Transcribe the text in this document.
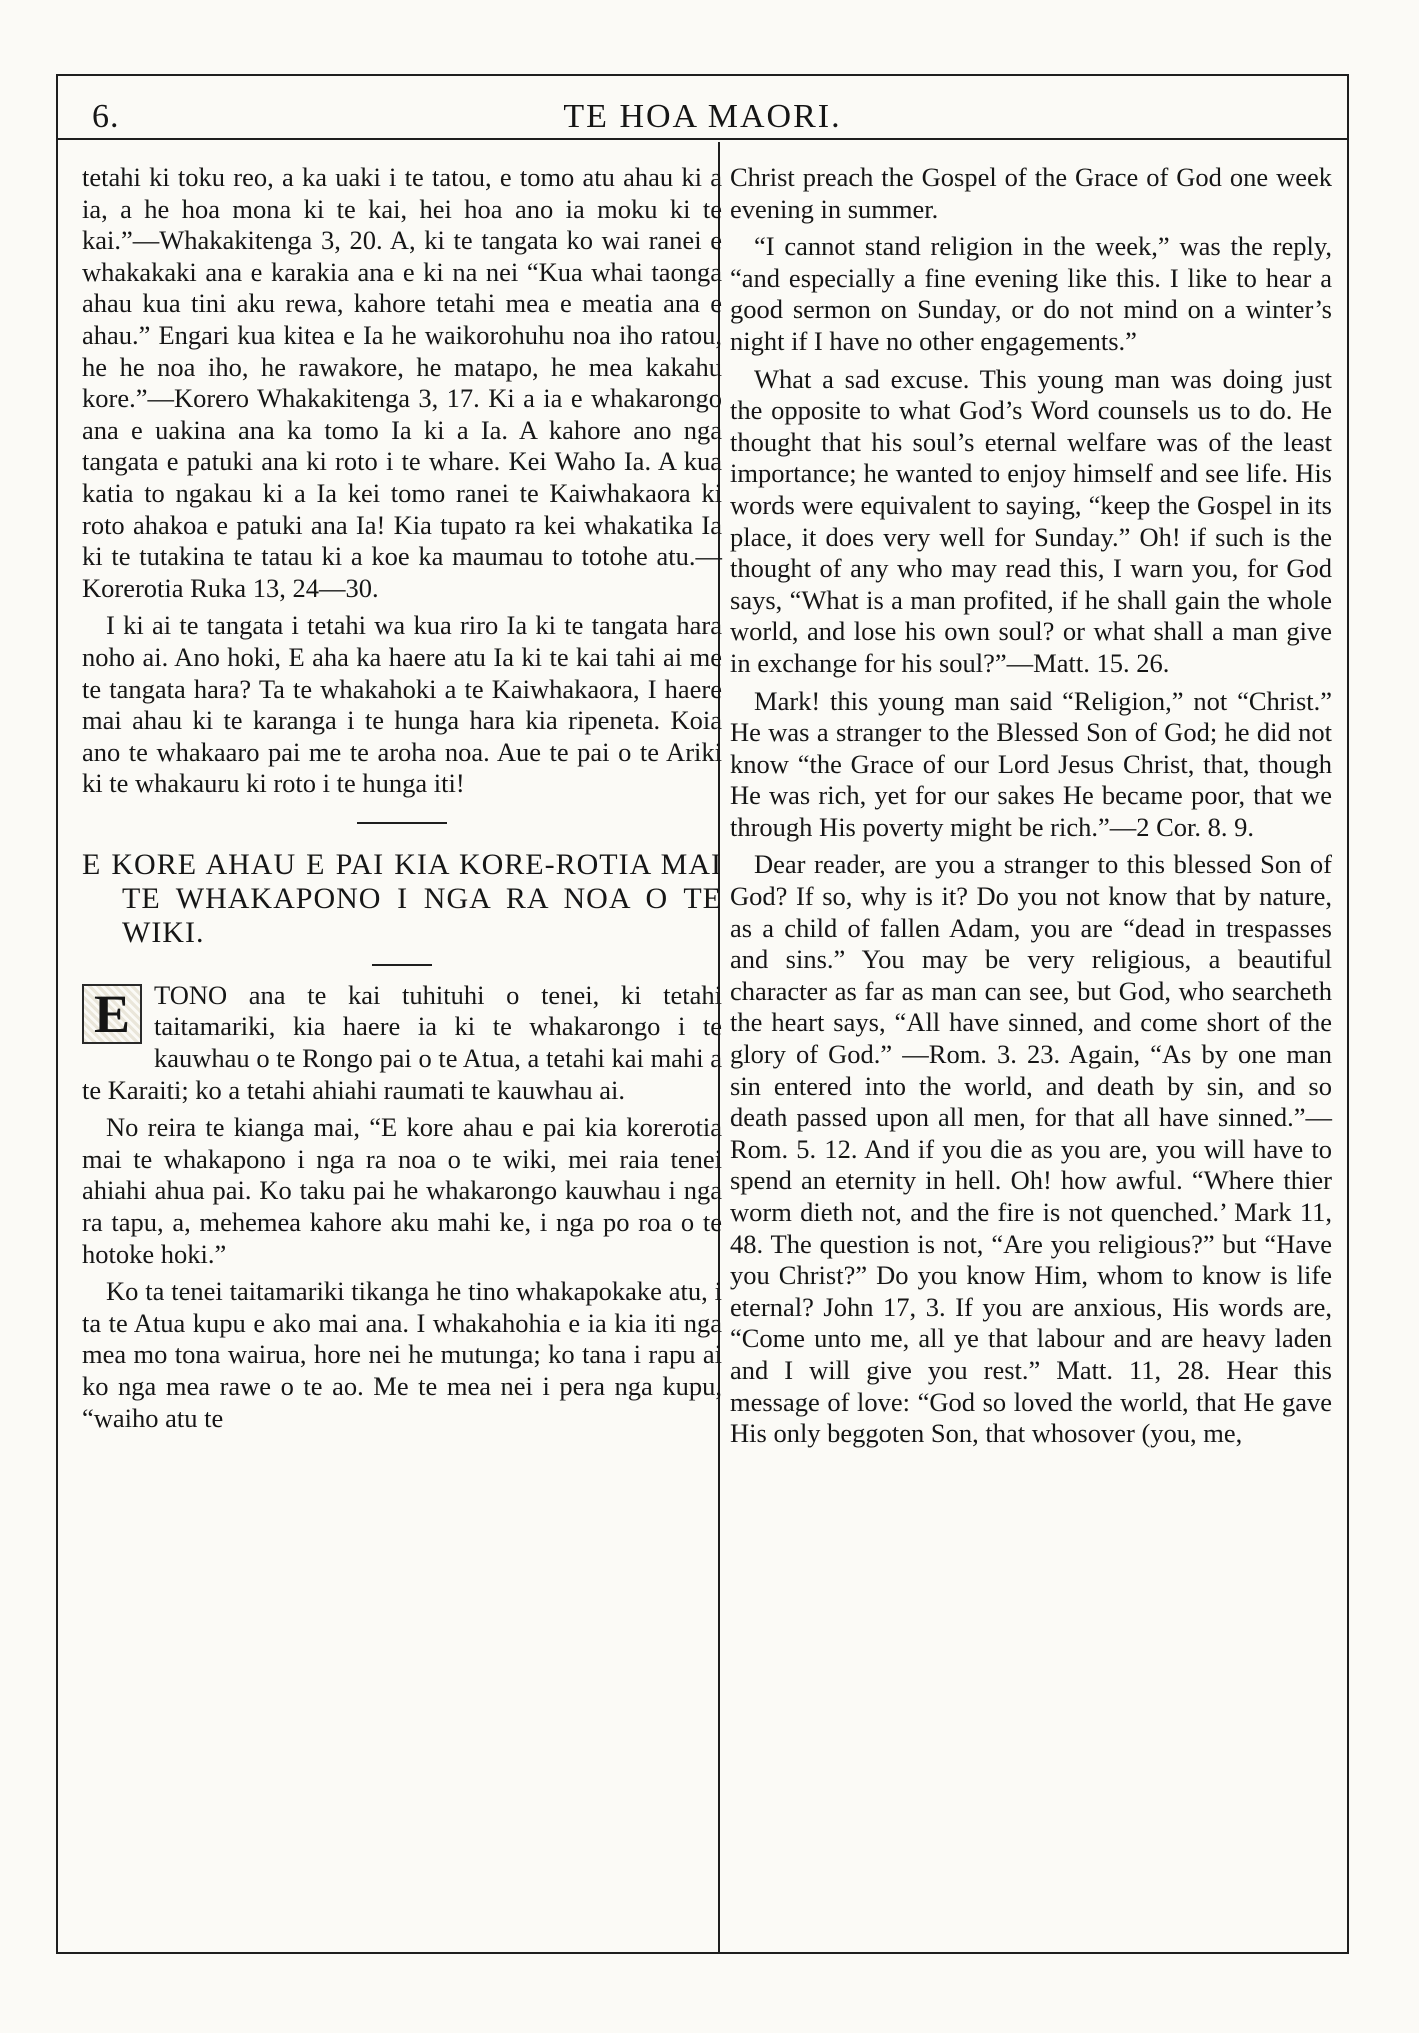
6.	TE HOA MAORI.

tetahi ki toku reo, a ka uaki i te tatou, e tomo atu ahau ki a ia, a he hoa mona ki te kai, hei hoa ano ia moku ki te kai.”—Whakakitenga 3, 20. A, ki te tangata ko wai ranei e whakakaki ana e karakia ana e ki na nei “Kua whai taonga ahau kua tini aku rewa, kahore tetahi mea e meatia ana e ahau.” Engari kua kitea e Ia he waikorohuhu noa iho ratou, he he noa iho, he rawakore, he matapo, he mea kakahu kore.”—Korero Whakakitenga 3, 17. Ki a ia e whakarongo ana e uakina ana ka tomo Ia ki a Ia. A kahore ano nga tangata e patuki ana ki roto i te whare. Kei Waho Ia. A kua katia to ngakau ki a Ia kei tomo ranei te Kaiwhakaora ki roto ahakoa e patuki ana Ia! Kia tupato ra kei whakatika Ia ki te tutakina te tatau ki a koe ka maumau to totohe atu.—Korerotia Ruka 13, 24—30.

I ki ai te tangata i tetahi wa kua riro Ia ki te tangata hara noho ai. Ano hoki, E aha ka haere atu Ia ki te kai tahi ai me te tangata hara? Ta te whakahoki a te Kaiwhakaora, I haere mai ahau ki te karanga i te hunga hara kia ripeneta. Koia ano te whakaaro pai me te aroha noa. Aue te pai o te Ariki ki te whakauru ki roto i te hunga iti!

E KORE AHAU E PAI KIA KORE-ROTIA MAI TE WHAKAPONO I NGA RA NOA O TE WIKI.

E TONO ana te kai tuhituhi o tenei, ki tetahi taitamariki, kia haere ia ki te whakarongo i te kauwhau o te Rongo pai o te Atua, a tetahi kai mahi a te Karaiti; ko a tetahi ahiahi raumati te kauwhau ai.

No reira te kianga mai, “E kore ahau e pai kia korerotia mai te whakapono i nga ra noa o te wiki, mei raia tenei ahiahi ahua pai. Ko taku pai he whakarongo kauwhau i nga ra tapu, a, mehemea kahore aku mahi ke, i nga po roa o te hotoke hoki.”

Ko ta tenei taitamariki tikanga he tino whakapokake atu, i ta te Atua kupu e ako mai ana. I whakahohia e ia kia iti nga mea mo tona wairua, hore nei he mutunga; ko tana i rapu ai ko nga mea rawe o te ao. Me te mea nei i pera nga kupu, “waiho atu te

Christ preach the Gospel of the Grace of God one week evening in summer.

“I cannot stand religion in the week,” was the reply, “and especially a fine evening like this. I like to hear a good sermon on Sunday, or do not mind on a winter’s night if I have no other engagements.”

What a sad excuse. This young man was doing just the opposite to what God’s Word counsels us to do. He thought that his soul’s eternal welfare was of the least importance; he wanted to enjoy himself and see life. His words were equivalent to saying, “keep the Gospel in its place, it does very well for Sunday.” Oh! if such is the thought of any who may read this, I warn you, for God says, “What is a man profited, if he shall gain the whole world, and lose his own soul? or what shall a man give in exchange for his soul?”—Matt. 15. 26.

Mark! this young man said “Religion,” not “Christ.” He was a stranger to the Blessed Son of God; he did not know “the Grace of our Lord Jesus Christ, that, though He was rich, yet for our sakes He became poor, that we through His poverty might be rich.”—2 Cor. 8. 9.

Dear reader, are you a stranger to this blessed Son of God? If so, why is it? Do you not know that by nature, as a child of fallen Adam, you are “dead in trespasses and sins.” You may be very religious, a beautiful character as far as man can see, but God, who searcheth the heart says, “All have sinned, and come short of the glory of God.” —Rom. 3. 23. Again, “As by one man sin entered into the world, and death by sin, and so death passed upon all men, for that all have sinned.”—Rom. 5. 12. And if you die as you are, you will have to spend an eternity in hell. Oh! how awful. “Where thier worm dieth not, and the fire is not quenched.’ Mark 11, 48. The question is not, “Are you religious?” but “Have you Christ?” Do you know Him, whom to know is life eternal? John 17, 3. If you are anxious, His words are, “Come unto me, all ye that labour and are heavy laden and I will give you rest.” Matt. 11, 28. Hear this message of love: “God so loved the world, that He gave His only beggoten Son, that whosover (you, me,
